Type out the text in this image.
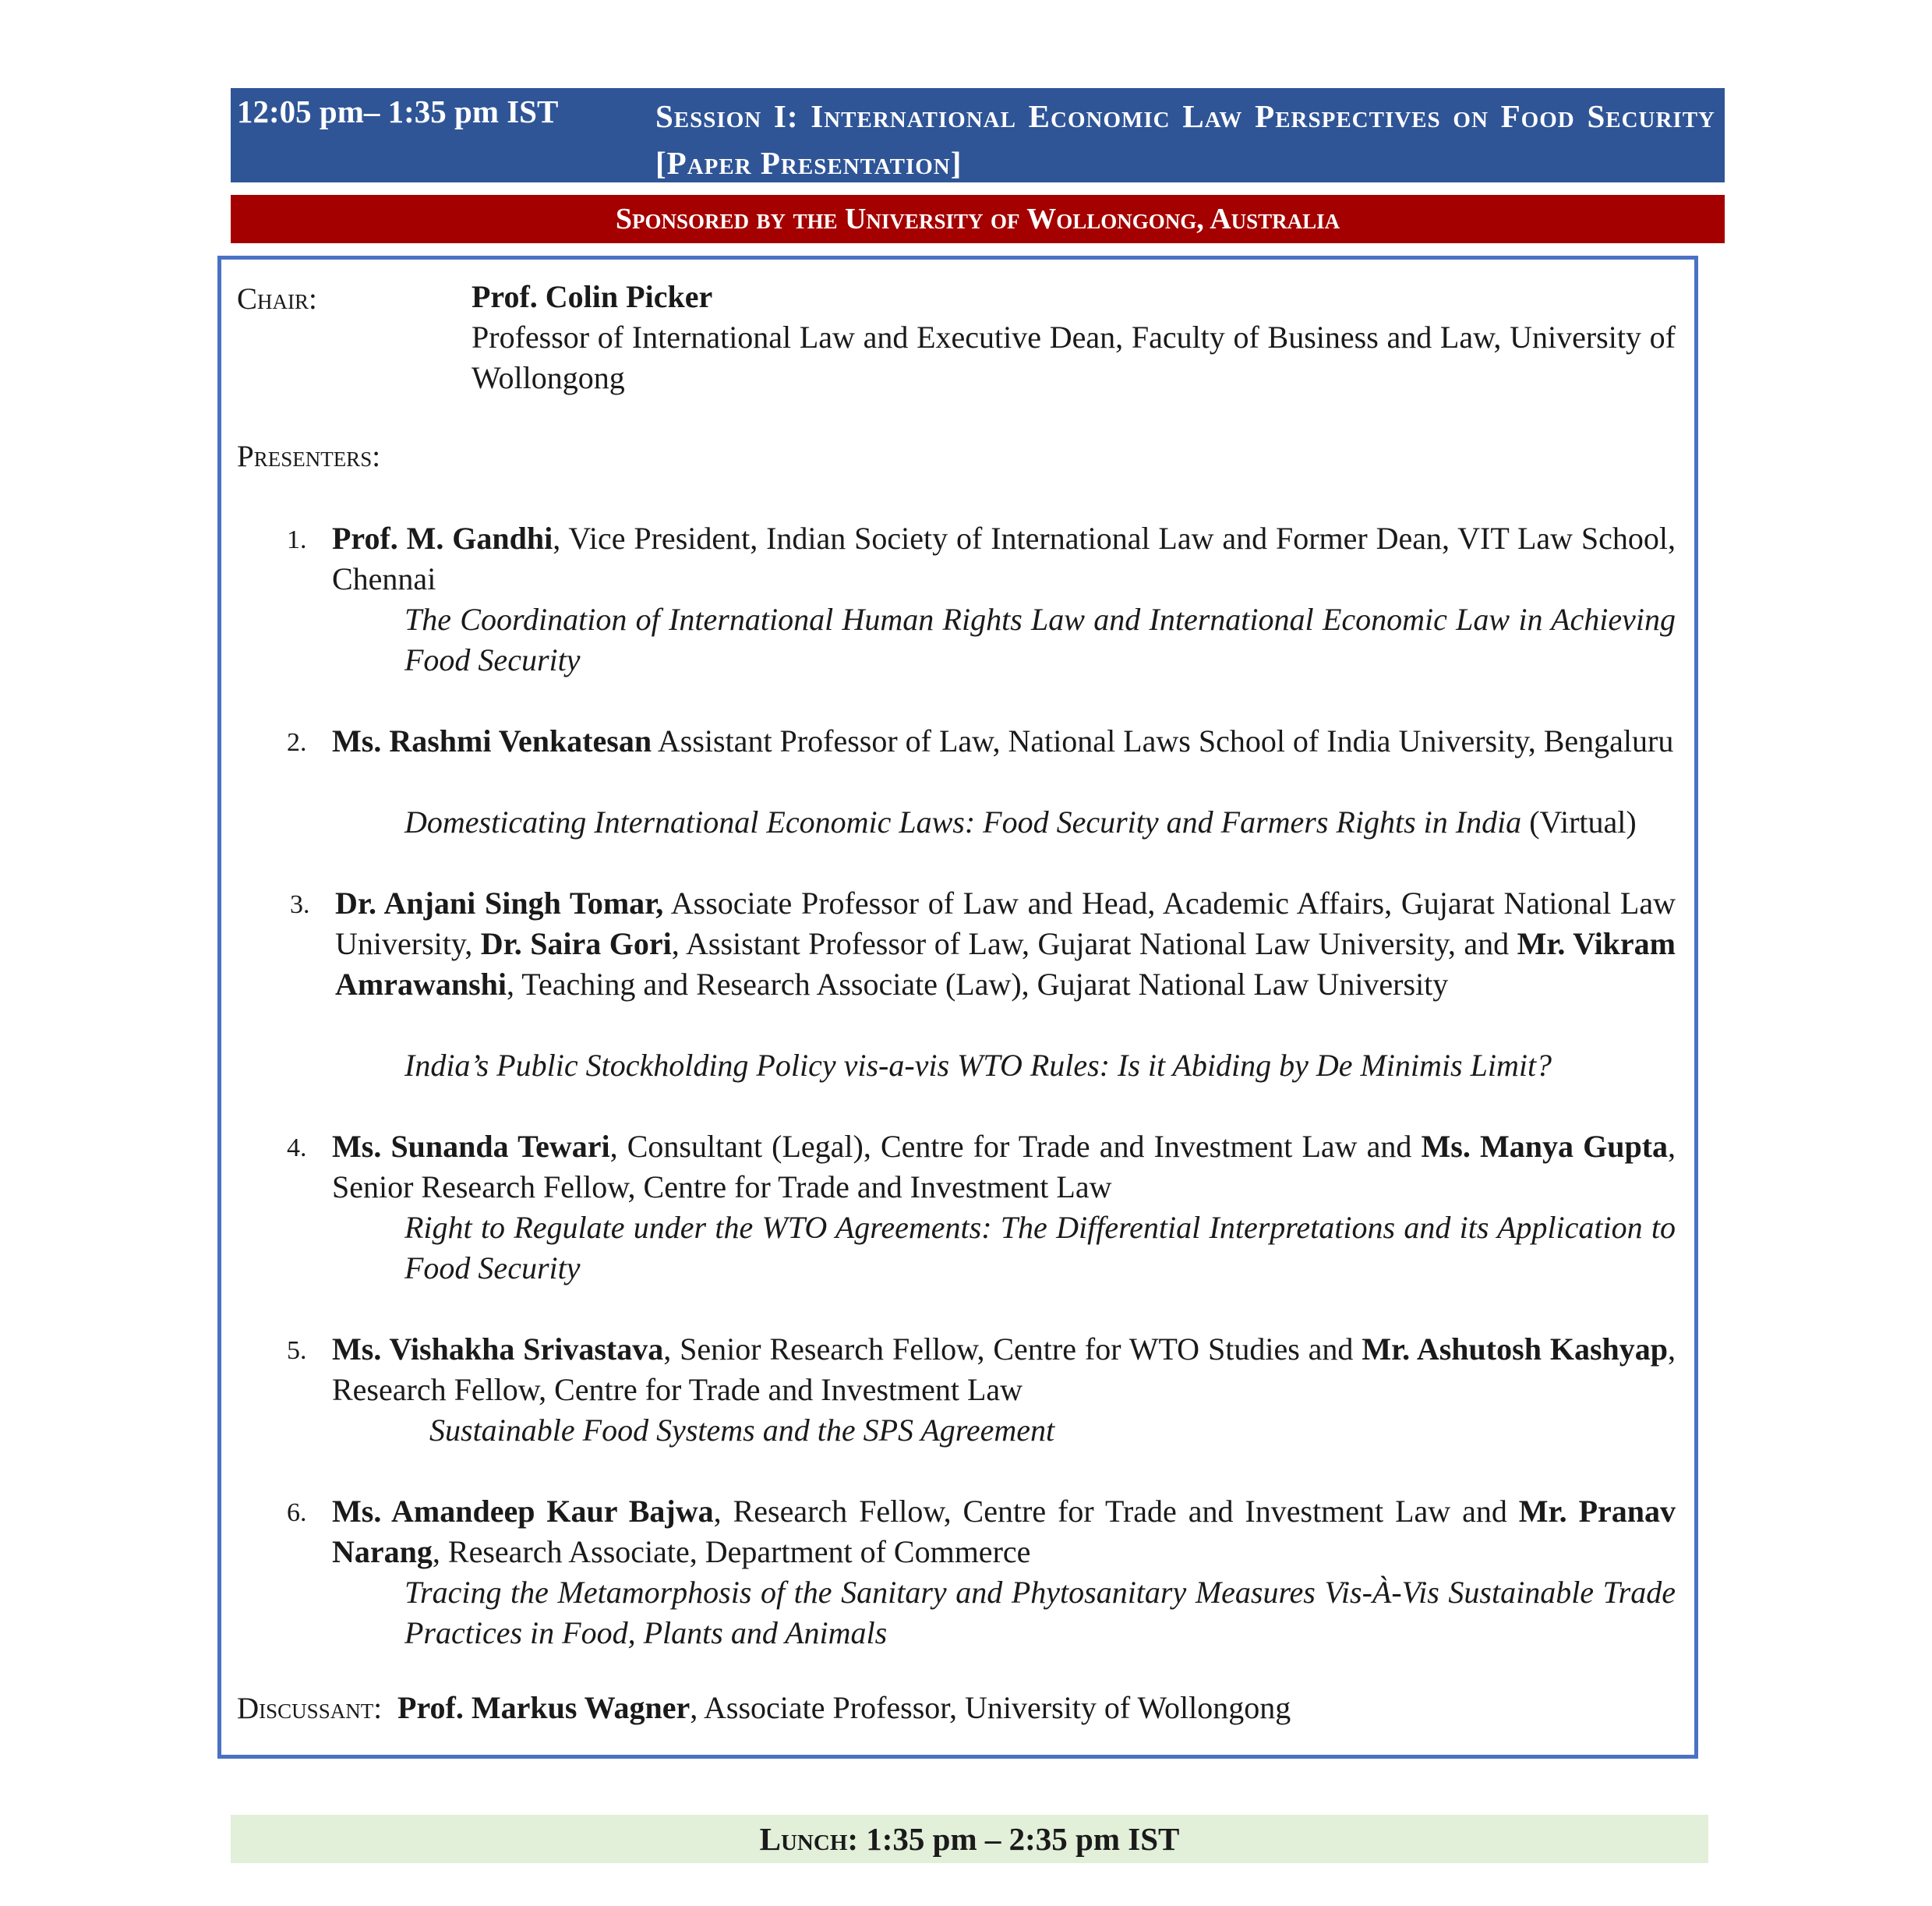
12:05 pm– 1:35 pm IST	Session I: International Economic Law Perspectives on Food Security [Paper Presentation]
Sponsored by the University of Wollongong, Australia
Chair:	Prof. Colin Picker
Professor of International Law and Executive Dean, Faculty of Business and Law, University of Wollongong
Presenters:
1. Prof. M. Gandhi, Vice President, Indian Society of International Law and Former Dean, VIT Law School, Chennai
The Coordination of International Human Rights Law and International Economic Law in Achieving Food Security
2. Ms. Rashmi Venkatesan Assistant Professor of Law, National Laws School of India University, Bengaluru
Domesticating International Economic Laws: Food Security and Farmers Rights in India (Virtual)
3. Dr. Anjani Singh Tomar, Associate Professor of Law and Head, Academic Affairs, Gujarat National Law University, Dr. Saira Gori, Assistant Professor of Law, Gujarat National Law University, and Mr. Vikram Amrawanshi, Teaching and Research Associate (Law), Gujarat National Law University
India’s Public Stockholding Policy vis-a-vis WTO Rules: Is it Abiding by De Minimis Limit?
4. Ms. Sunanda Tewari, Consultant (Legal), Centre for Trade and Investment Law and Ms. Manya Gupta, Senior Research Fellow, Centre for Trade and Investment Law
Right to Regulate under the WTO Agreements: The Differential Interpretations and its Application to Food Security
5. Ms. Vishakha Srivastava, Senior Research Fellow, Centre for WTO Studies and Mr. Ashutosh Kashyap, Research Fellow, Centre for Trade and Investment Law
Sustainable Food Systems and the SPS Agreement
6. Ms. Amandeep Kaur Bajwa, Research Fellow, Centre for Trade and Investment Law and Mr. Pranav Narang, Research Associate, Department of Commerce
Tracing the Metamorphosis of the Sanitary and Phytosanitary Measures Vis-À-Vis Sustainable Trade Practices in Food, Plants and Animals
Discussant: Prof. Markus Wagner, Associate Professor, University of Wollongong
Lunch: 1:35 pm – 2:35 pm IST
